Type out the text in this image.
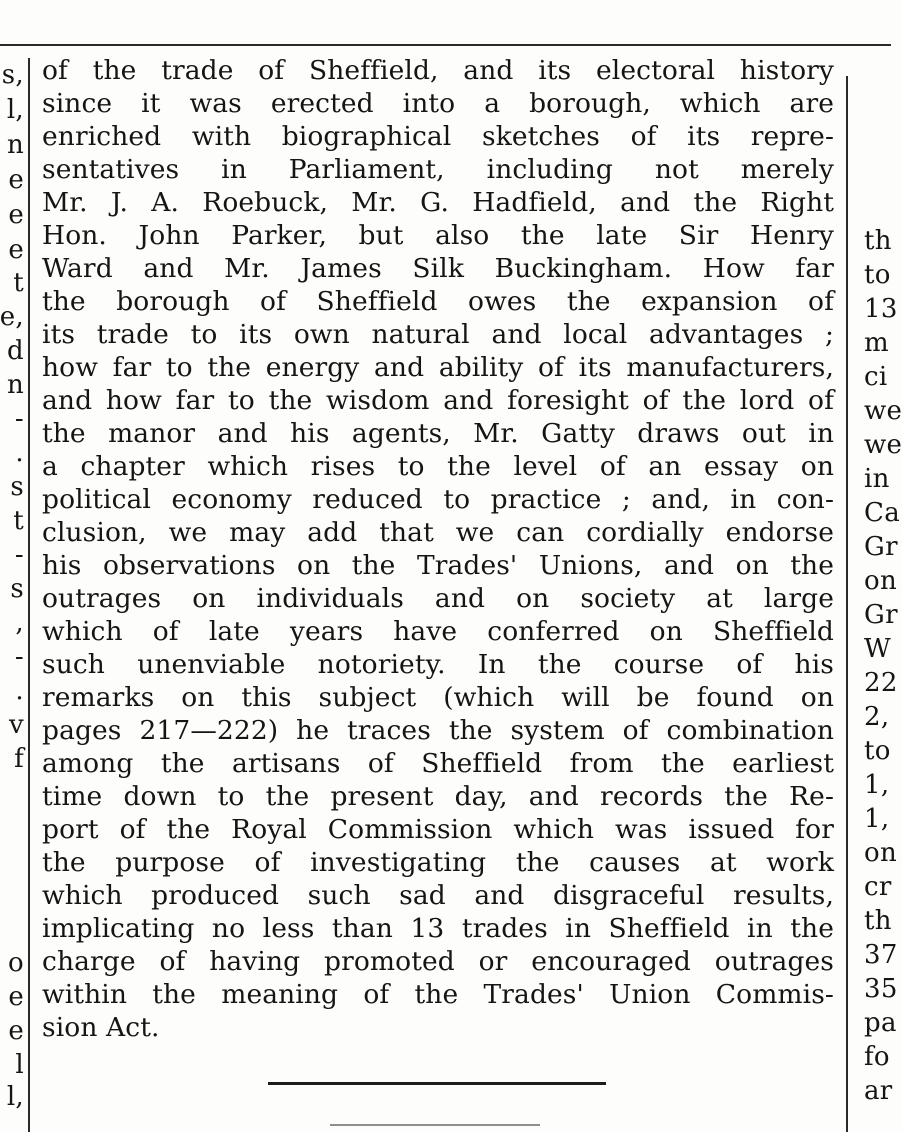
s,
l,
n
e
e
e
t
e,
d
n
-
.
s
t
-
s
,
-
.
v
f
o
e
e
l
l,
th
to
13
m
ci
we
we
in
Ca
Gr
on
Gr
W
22
2,
to
1,
1,
on
cr
th
37
35
pa
fo
ar

of the trade of Sheffield, and its electoral history

since it was erected into a borough, which are

enriched with biographical sketches of its repre-

sentatives in Parliament, including not merely

Mr. J. A. Roebuck, Mr. G. Hadfield, and the Right

Hon. John Parker, but also the late Sir Henry

Ward and Mr. James Silk Buckingham. How far

the borough of Sheffield owes the expansion of

its trade to its own natural and local advantages ;

how far to the energy and ability of its manufacturers,

and how far to the wisdom and foresight of the lord of

the manor and his agents, Mr. Gatty draws out in

a chapter which rises to the level of an essay on

political economy reduced to practice ; and, in con-

clusion, we may add that we can cordially endorse

his observations on the Trades' Unions, and on the

outrages on individuals and on society at large

which of late years have conferred on Sheffield

such unenviable notoriety. In the course of his

remarks on this subject (which will be found on

pages 217—222) he traces the system of combination

among the artisans of Sheffield from the earliest

time down to the present day, and records the Re-

port of the Royal Commission which was issued for

the purpose of investigating the causes at work

which produced such sad and disgraceful results,

implicating no less than 13 trades in Sheffield in the

charge of having promoted or encouraged outrages

within the meaning of the Trades' Union Commis-

sion Act.
